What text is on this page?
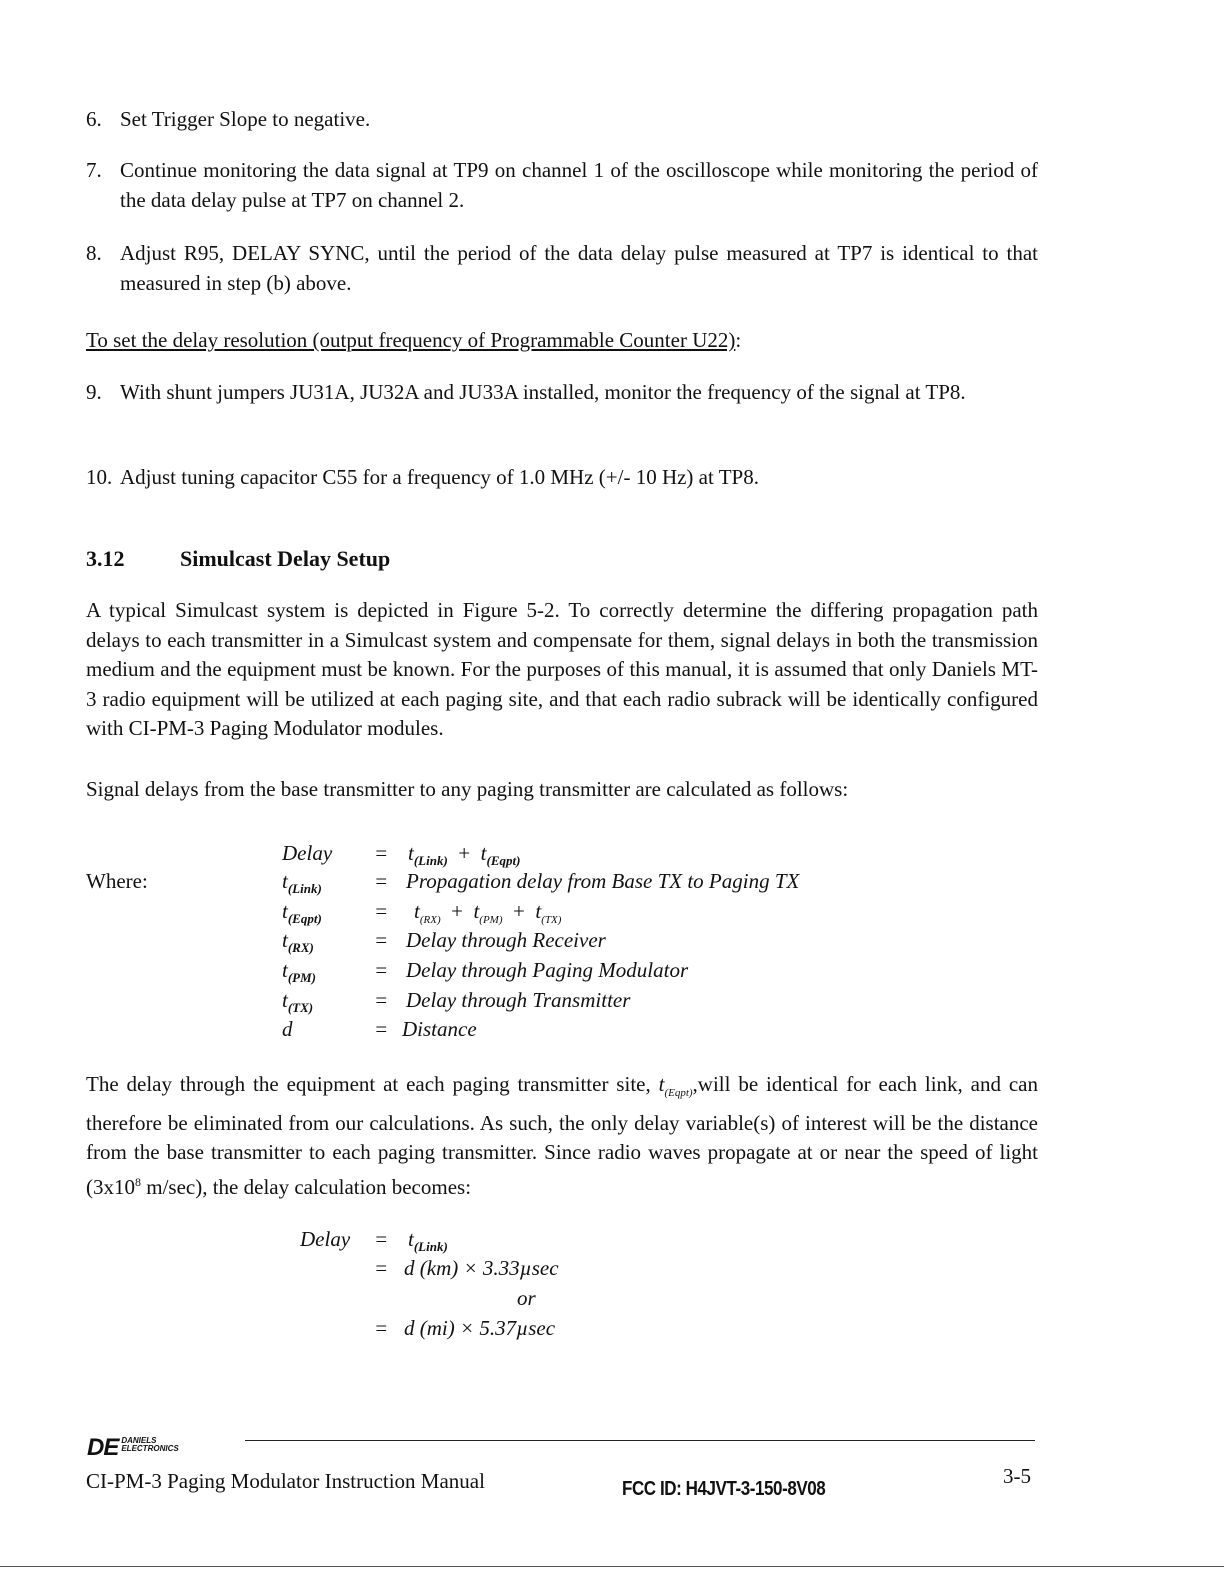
6. Set Trigger Slope to negative.
7. Continue monitoring the data signal at TP9 on channel 1 of the oscilloscope while monitoring the period of the data delay pulse at TP7 on channel 2.
8. Adjust R95, DELAY SYNC, until the period of the data delay pulse measured at TP7 is identical to that measured in step (b) above.
To set the delay resolution (output frequency of Programmable Counter U22):
9. With shunt jumpers JU31A, JU32A and JU33A installed, monitor the frequency of the signal at TP8.
10. Adjust tuning capacitor C55 for a frequency of 1.0 MHz (+/- 10 Hz) at TP8.
3.12	Simulcast Delay Setup
A typical Simulcast system is depicted in Figure 5-2. To correctly determine the differing propagation path delays to each transmitter in a Simulcast system and compensate for them, signal delays in both the transmission medium and the equipment must be known. For the purposes of this manual, it is assumed that only Daniels MT-3 radio equipment will be utilized at each paging site, and that each radio subrack will be identically configured with CI-PM-3 Paging Modulator modules.
Signal delays from the base transmitter to any paging transmitter are calculated as follows:
Where:
Delay = $t_{(Link)} + t_{(Eqpt)}$
$t_{(Link)}$ = Propagation delay from Base TX to Paging TX
$t_{(Eqpt)} = t_{(RX)} + t_{(PM)} + t_{(TX)}$
$t_{(RX)}$	= Delay through Receiver
$t_{(PM)}$	= Delay through Paging Modulator
$t_{(TX)}$	= Delay through Transmitter
d	= Distance
The delay through the equipment at each paging transmitter site, $t_{(Eqpt)},will$ be identical for each link, and can therefore be eliminated from our calculations. As such, the only delay variable(s) of interest will be the distance from the base transmitter to each paging transmitter. Since radio waves propagate at or near the speed of light ($3x10^8$ m/sec), the delay calculation becomes:
Delay = $t_{(Link)}$
= d (km) × 3.33µsec
or
= d (mi) × 5.37µsec
DE DANIELS
ELECTRONICS
CI-PM-3 Paging Modulator Instruction Manual	FCC ID: H4JVT-3-150-8V08
3-5
